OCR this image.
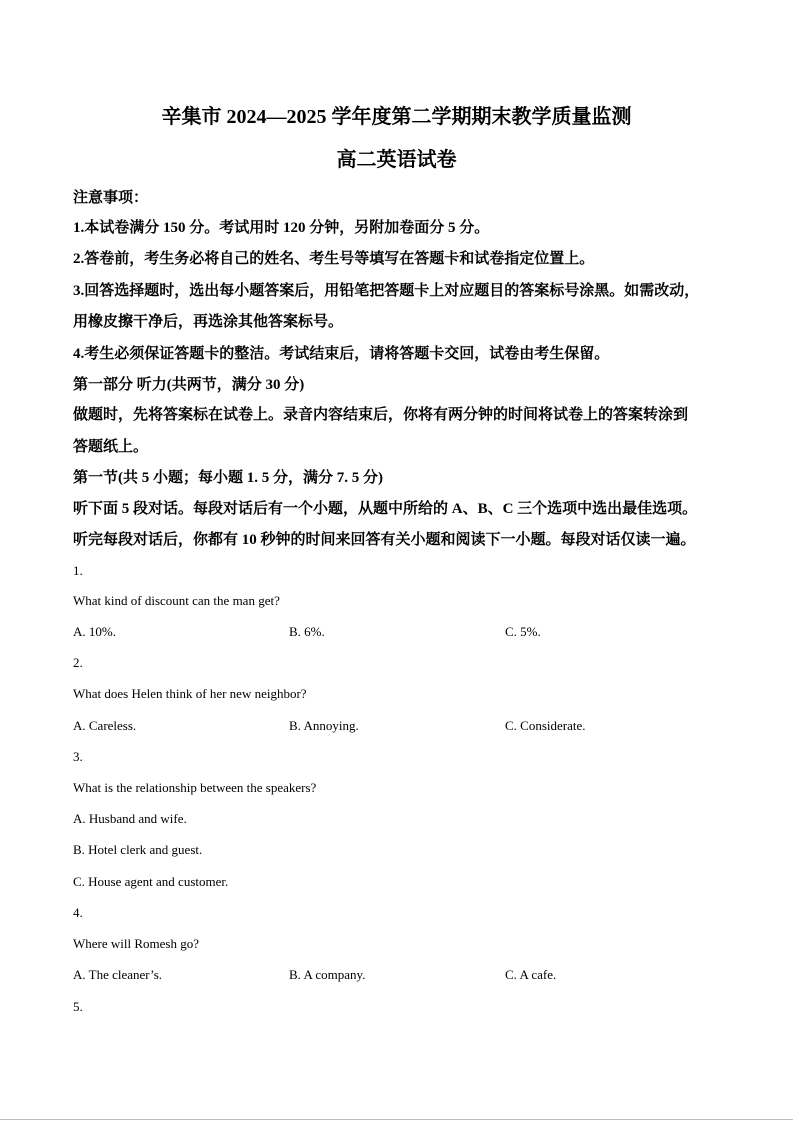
辛集市 2024—2025 学年度第二学期期末教学质量监测
高二英语试卷
注意事项：
1.本试卷满分 150 分。考试用时 120 分钟，另附加卷面分 5 分。
2.答卷前，考生务必将自己的姓名、考生号等填写在答题卡和试卷指定位置上。
3.回答选择题时，选出每小题答案后，用铅笔把答题卡上对应题目的答案标号涂黑。如需改动，
用橡皮擦干净后，再选涂其他答案标号。
4.考生必须保证答题卡的整洁。考试结束后，请将答题卡交回，试卷由考生保留。
第一部分 听力(共两节，满分 30 分)
做题时，先将答案标在试卷上。录音内容结束后，你将有两分钟的时间将试卷上的答案转涂到
答题纸上。
第一节(共 5 小题；每小题 1. 5 分，满分 7. 5 分)
听下面 5 段对话。每段对话后有一个小题，从题中所给的 A、B、C 三个选项中选出最佳选项。
听完每段对话后，你都有 10 秒钟的时间来回答有关小题和阅读下一小题。每段对话仅读一遍。
1.
What kind of discount can the man get?
A. 10%.	B. 6%.	C. 5%.
2.
What does Helen think of her new neighbor?
A. Careless.	B. Annoying.	C. Considerate.
3.
What is the relationship between the speakers?
A. Husband and wife.
B. Hotel clerk and guest.
C. House agent and customer.
4.
Where will Romesh go?
A. The cleaner’s.	B. A company.	C. A cafe.
5.
